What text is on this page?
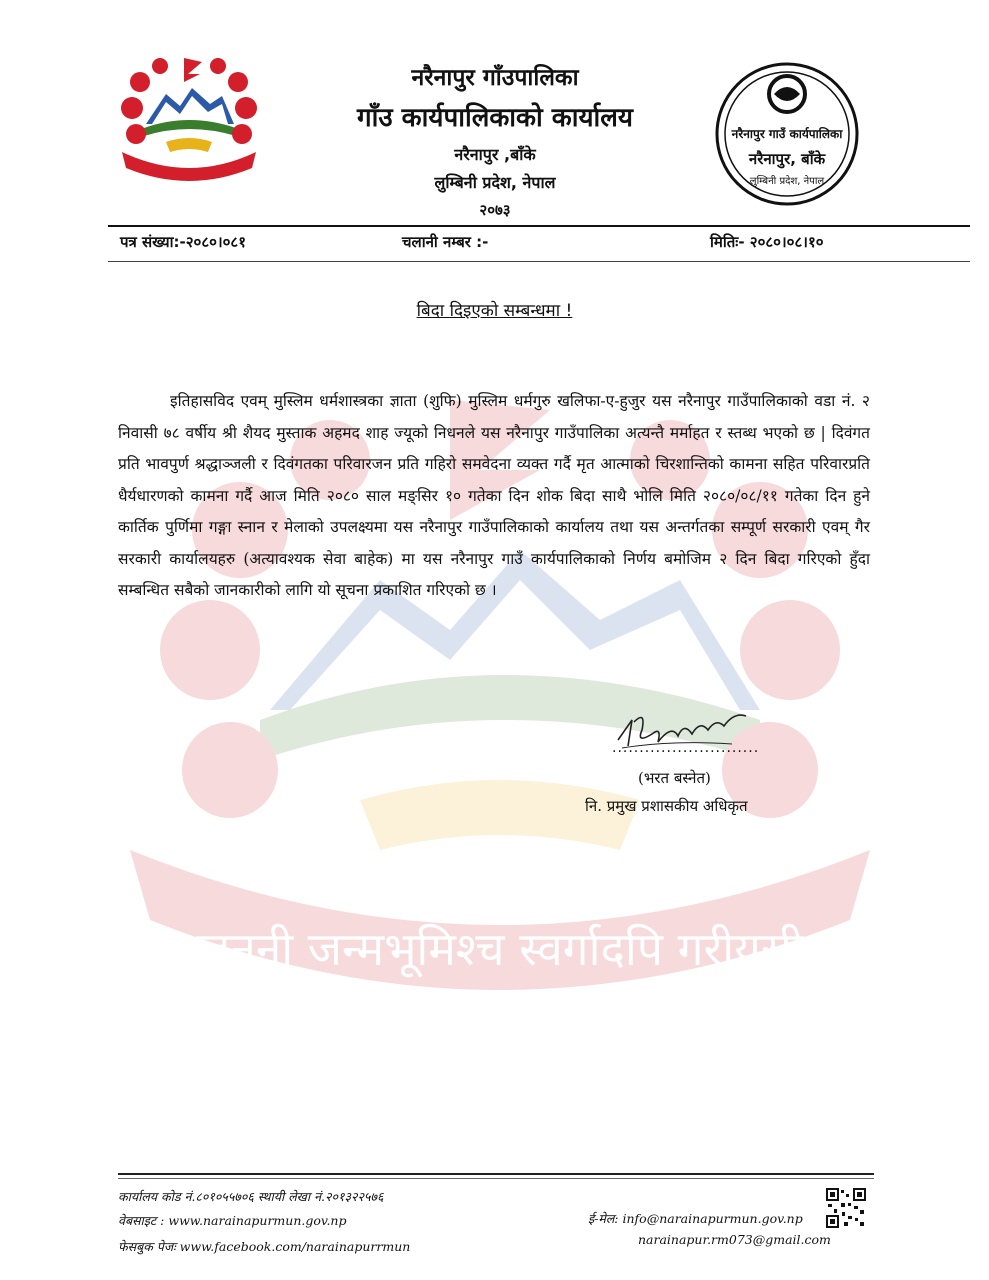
जननी जन्मभूमिश्च स्वर्गादपि गरीयसी
नरैनापुर गाउँ कार्यपालिका
नरैनापुर, बाँके
लुम्बिनी प्रदेश, नेपाल
नरैनापुर गाँउपालिका
गाँउ कार्यपालिकाको कार्यालय
नरैनापुर ,बाँके
लुम्बिनी प्रदेश, नेपाल
२०७३
पत्र संख्या:-२०८०।०८१	चलानी नम्बर :-	मितिः- २०८०।०८।१०
बिदा दिइएको सम्बन्धमा !
इतिहासविद एवम् मुस्लिम धर्मशास्त्रका ज्ञाता (शुफि) मुस्लिम धर्मगुरु खलिफा-ए-हुजुर यस नरैनापुर गाउँपालिकाको वडा नं. २ निवासी ७८ वर्षीय श्री शैयद मुस्ताक अहमद शाह ज्यूको निधनले यस नरैनापुर गाउँपालिका अत्यन्तै मर्माहत र स्तब्ध भएको छ | दिवंगत प्रति भावपुर्ण श्रद्धाञ्जली र दिवंगतका परिवारजन प्रति गहिरो समवेदना व्यक्त गर्दै मृत आत्माको चिरशान्तिको कामना सहित परिवारप्रति धैर्यधारणको कामना गर्दै आज मिति २०८० साल मङ्सिर १० गतेका दिन शोक बिदा साथै भोलि मिति २०८०/०८/११ गतेका दिन हुने कार्तिक पुर्णिमा गङ्गा स्नान र मेलाको उपलक्ष्यमा यस नरैनापुर गाउँपालिकाको कार्यालय तथा यस अन्तर्गतका सम्पूर्ण सरकारी एवम् गैर सरकारी कार्यालयहरु (अत्यावश्यक सेवा बाहेक) मा यस नरैनापुर गाउँ कार्यपालिकाको निर्णय बमोजिम २ दिन बिदा गरिएको हुँदा सम्बन्धित सबैको जानकारीको लागि यो सूचना प्रकाशित गरिएको छ ।
...........................
(भरत बस्नेत)
नि. प्रमुख प्रशासकीय अधिकृत
कार्यालय कोड नं.८०१०५५७०६ स्थायी लेखा नं.२०१३२२५७६
वेबसाइट : www.narainapurmun.gov.np
फेसबुक पेजः www.facebook.com/narainapurrmun
ई-मेल: info@narainapurmun.gov.np
narainapur.rm073@gmail.com
